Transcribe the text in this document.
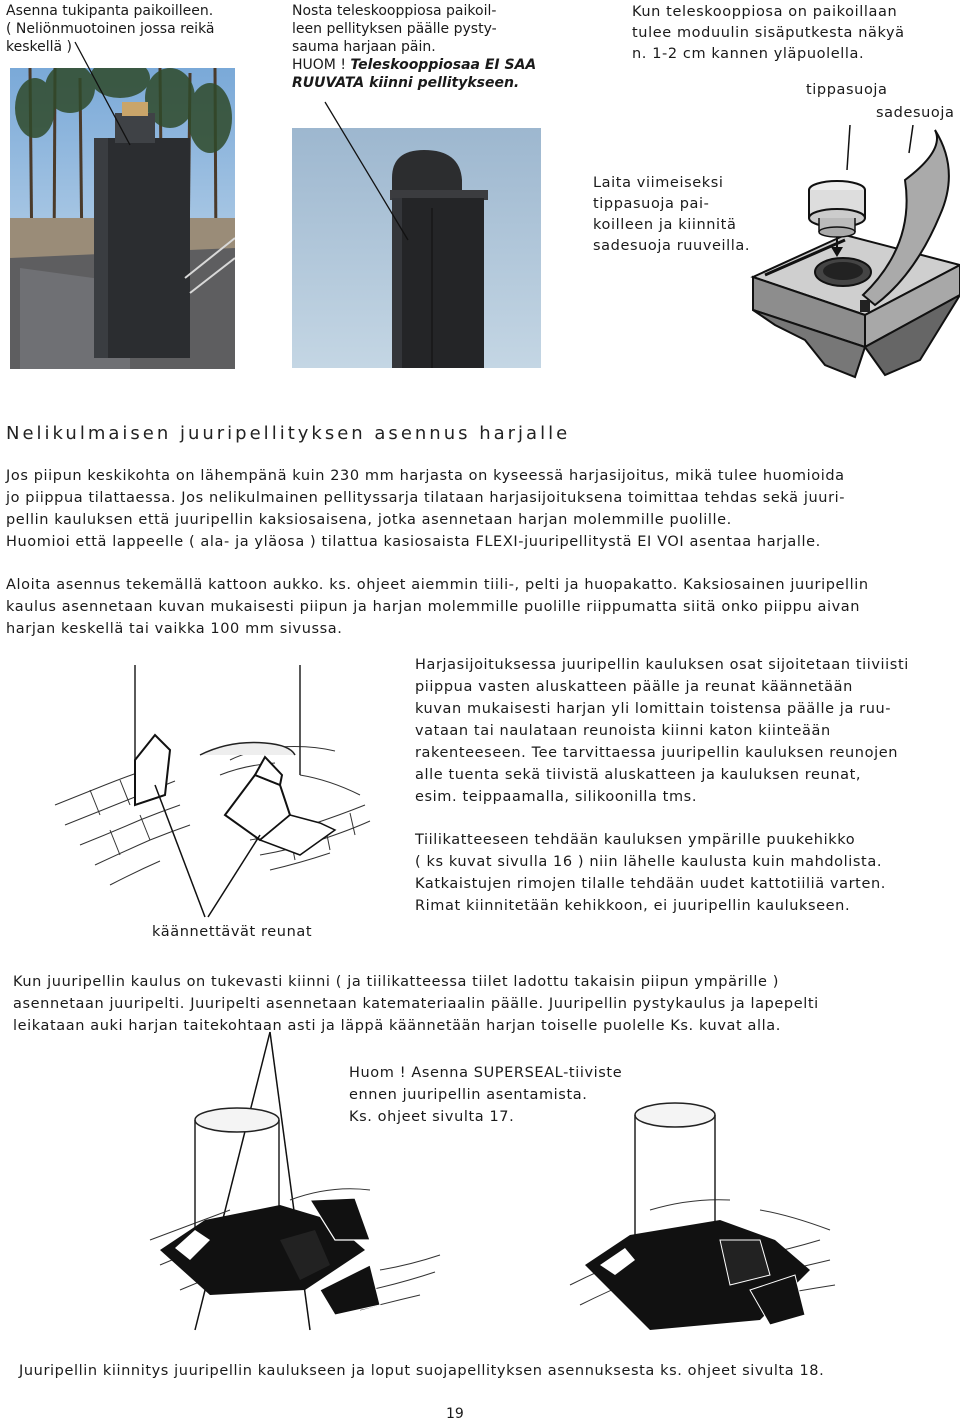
Asenna tukipanta paikoilleen.
( Neliönmuotoinen jossa reikä
keskellä )
Nosta teleskooppiosa paikoil-
leen pellityksen päälle pysty-
sauma harjaan päin.
HUOM ! Teleskooppiosaa EI SAA
RUUVATA kiinni pellitykseen.
Kun teleskooppiosa on paikoillaan
tulee moduulin sisäputkesta näkyä
n. 1-2 cm kannen yläpuolella.
tippasuoja
sadesuoja
Laita viimeiseksi
tippasuoja pai-
koilleen ja kiinnitä
sadesuoja ruuveilla.
Nelikulmaisen juuripellityksen asennus harjalle
Jos piipun keskikohta on lähempänä kuin 230 mm harjasta on kyseessä harjasijoitus, mikä tulee huomioida
jo piippua tilattaessa. Jos nelikulmainen pellityssarja tilataan harjasijoituksena toimittaa tehdas sekä juuri-
pellin kauluksen että juuripellin kaksiosaisena, jotka asennetaan harjan molemmille puolille.
Huomioi että lappeelle ( ala- ja yläosa ) tilattua kasiosaista FLEXI-juuripellitystä EI VOI asentaa harjalle.
Aloita asennus tekemällä kattoon aukko. ks. ohjeet aiemmin tiili-, pelti ja huopakatto. Kaksiosainen juuripellin
kaulus asennetaan kuvan mukaisesti piipun ja harjan molemmille puolille riippumatta siitä onko piippu aivan
harjan keskellä tai vaikka 100 mm sivussa.
käännettävät reunat
Harjasijoituksessa juuripellin kauluksen osat sijoitetaan tiiviisti
piippua vasten aluskatteen päälle ja reunat käännetään
kuvan mukaisesti harjan yli lomittain toistensa päälle ja ruu-
vataan tai naulataan reunoista kiinni katon kiinteään
rakenteeseen. Tee tarvittaessa juuripellin kauluksen reunojen
alle tuenta sekä tiivistä aluskatteen ja kauluksen reunat,
esim. teippaamalla, silikoonilla tms.
Tiilikatteeseen tehdään kauluksen ympärille puukehikko
( ks kuvat sivulla 16 ) niin lähelle kaulusta kuin mahdolista.
Katkaistujen rimojen tilalle tehdään uudet kattotiiliä varten.
Rimat kiinnitetään kehikkoon, ei juuripellin kaulukseen.
Kun juuripellin kaulus on tukevasti kiinni ( ja tiilikatteessa tiilet ladottu takaisin piipun ympärille )
asennetaan juuripelti. Juuripelti asennetaan katemateriaalin päälle. Juuripellin pystykaulus ja lapepelti
leikataan auki harjan taitekohtaan asti ja läppä käännetään harjan toiselle puolelle Ks. kuvat alla.
Huom ! Asenna SUPERSEAL-tiiviste
ennen juuripellin asentamista.
Ks. ohjeet sivulta 17.
Juuripellin kiinnitys juuripellin kaulukseen ja loput suojapellityksen asennuksesta ks. ohjeet sivulta 18.
19
